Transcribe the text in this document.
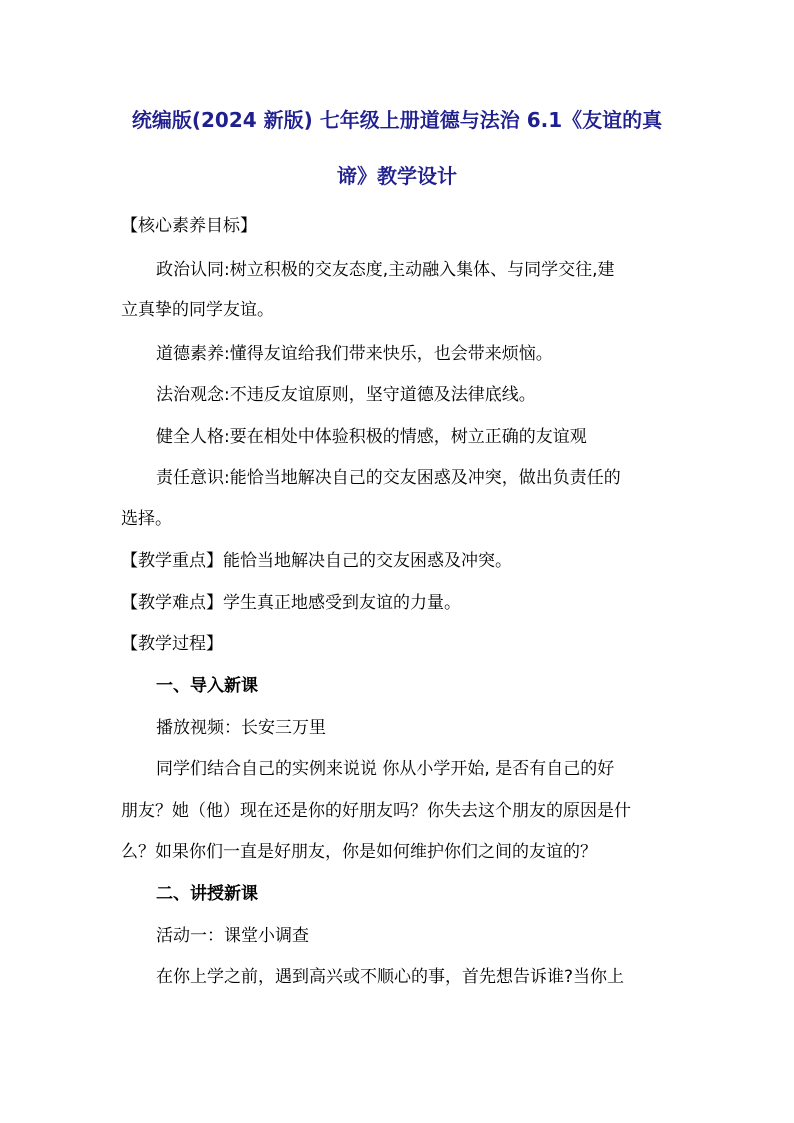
统编版(2024 新版) 七年级上册道德与法治 6.1《友谊的真
谛》教学设计
【核心素养目标】
政治认同:树立积极的交友态度,主动融入集体、与同学交往,建
立真挚的同学友谊。
道德素养:懂得友谊给我们带来快乐，也会带来烦恼。
法治观念:不违反友谊原则，坚守道德及法律底线。
健全人格:要在相处中体验积极的情感，树立正确的友谊观
责任意识:能恰当地解决自己的交友困惑及冲突，做出负责任的
选择。
【教学重点】能恰当地解决自己的交友困惑及冲突。
【教学难点】学生真正地感受到友谊的力量。
【教学过程】
一、导入新课
播放视频：长安三万里
同学们结合自己的实例来说说 你从小学开始, 是否有自己的好
朋友？她（他）现在还是你的好朋友吗？你失去这个朋友的原因是什
么？如果你们一直是好朋友，你是如何维护你们之间的友谊的？
二、讲授新课
活动一：课堂小调查
在你上学之前，遇到高兴或不顺心的事，首先想告诉谁?当你上
